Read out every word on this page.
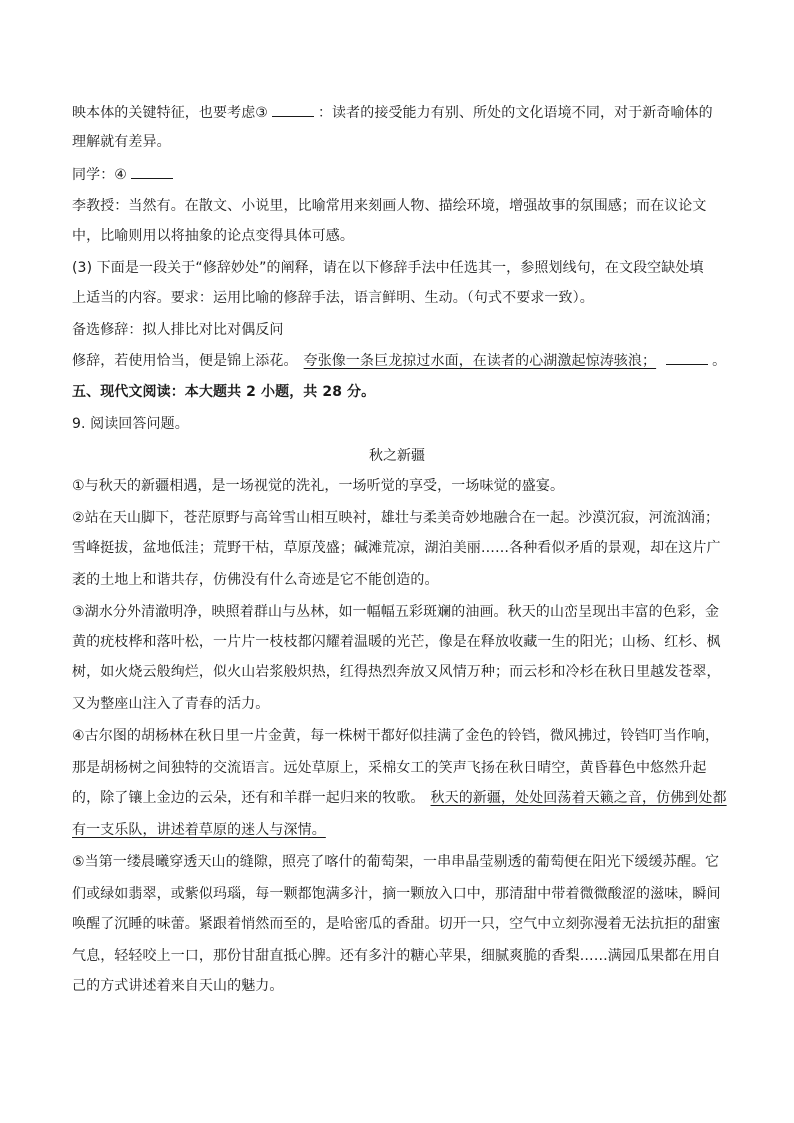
映本体的关键特征，也要考虑③	：读者的接受能力有别、所处的文化语境不同，对于新奇喻体的
理解就有差异。
同学：④
李教授：当然有。在散文、小说里，比喻常用来刻画人物、描绘环境，增强故事的氛围感；而在议论文
中，比喻则用以将抽象的论点变得具体可感。
(3) 下面是一段关于“修辞妙处”的阐释，请在以下修辞手法中任选其一，参照划线句，在文段空缺处填
上适当的内容。要求：运用比喻的修辞手法，语言鲜明、生动。（句式不要求一致）。
备选修辞：拟人排比对比对偶反问
修辞，若使用恰当，便是锦上添花。 夸张像一条巨龙掠过水面，在读者的心湖激起惊涛骇浪；	。
五、现代文阅读：本大题共 2 小题，共 28 分。
9. 阅读回答问题。
秋之新疆
①与秋天的新疆相遇，是一场视觉的洗礼，一场听觉的享受，一场味觉的盛宴。
②站在天山脚下，苍茫原野与高耸雪山相互映衬，雄壮与柔美奇妙地融合在一起。沙漠沉寂，河流汹涌；
雪峰挺拔，盆地低洼；荒野干枯，草原茂盛；碱滩荒凉，湖泊美丽……各种看似矛盾的景观，却在这片广
袤的土地上和谐共存，仿佛没有什么奇迹是它不能创造的。
③湖水分外清澈明净，映照着群山与丛林，如一幅幅五彩斑斓的油画。秋天的山峦呈现出丰富的色彩，金
黄的疣枝桦和落叶松，一片片一枝枝都闪耀着温暖的光芒，像是在释放收藏一生的阳光；山杨、红杉、枫
树，如火烧云般绚烂，似火山岩浆般炽热，红得热烈奔放又风情万种；而云杉和冷杉在秋日里越发苍翠，
又为整座山注入了青春的活力。
④古尔图的胡杨林在秋日里一片金黄，每一株树干都好似挂满了金色的铃铛，微风拂过，铃铛叮当作响，
那是胡杨树之间独特的交流语言。远处草原上，采棉女工的笑声飞扬在秋日晴空，黄昏暮色中悠然升起
的，除了镶上金边的云朵，还有和羊群一起归来的牧歌。 秋天的新疆，处处回荡着天籁之音，仿佛到处都
有一支乐队，讲述着草原的迷人与深情。
⑤当第一缕晨曦穿透天山的缝隙，照亮了喀什的葡萄架，一串串晶莹剔透的葡萄便在阳光下缓缓苏醒。它
们或绿如翡翠，或紫似玛瑙，每一颗都饱满多汁，摘一颗放入口中，那清甜中带着微微酸涩的滋味，瞬间
唤醒了沉睡的味蕾。紧跟着悄然而至的，是哈密瓜的香甜。切开一只，空气中立刻弥漫着无法抗拒的甜蜜
气息，轻轻咬上一口，那份甘甜直抵心脾。还有多汁的糖心苹果，细腻爽脆的香梨……满园瓜果都在用自
己的方式讲述着来自天山的魅力。
